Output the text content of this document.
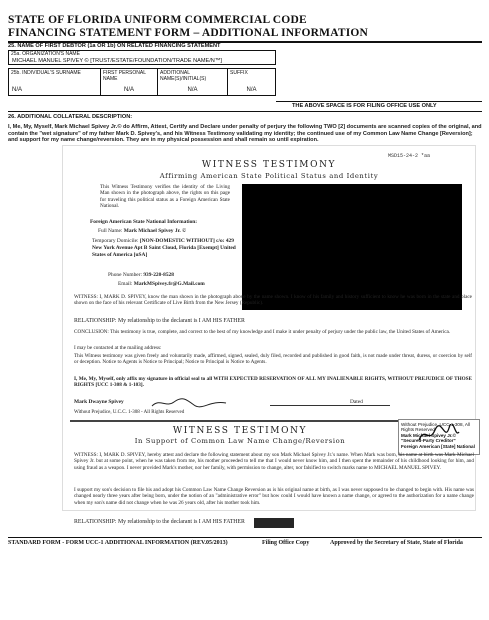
STATE OF FLORIDA UNIFORM COMMERCIAL CODE
FINANCING STATEMENT FORM – ADDITIONAL INFORMATION
25. NAME OF FIRST DEBTOR (1a OR 1b) ON RELATED FINANCING STATEMENT
25a. ORGANIZATION'S NAME
MICHAEL MANUEL SPIVEY © [TRUST/ESTATE/FOUNDATION/TRADE NAME/Ν™]
25b. INDIVIDUAL'S SURNAME
N/A
FIRST PERSONAL NAME
N/A
ADDITIONAL NAME(S)/INITIAL(S)
N/A
SUFFIX
N/A
THE ABOVE SPACE IS FOR FILING OFFICE USE ONLY
26. ADDITIONAL COLLATERAL DESCRIPTION:
I, Me, My, Myself, Mark Michael Spivey Jr.© do Affirm, Attest, Certify and Declare under penalty of perjury the following TWO [2] documents are scanned copies of the original, and contain the "wet signature" of my father Mark D. Spivey's, and his Witness Testimony validating my identity; the continued use of my Common Law Name Change [Reversion]; and support for my name change/reversion. They are in my physical possession and shall remain so until expiration.
MSD15-24-2 *aa
WITNESS TESTIMONY
Affirming American State Political Status and Identity
This Witness Testimony verifies the identity of the Living Man shown in the photograph above, the rights on this page for traveling this political status as a Foreign American State National.
Foreign American State National Information:
Full Name: Mark Michael Spivey Jr. ©
Temporary Domicile: [NON-DOMESTIC WITHOUT] c/o: 429 New York Avenue Apt B Saint Cloud, Florida [Exempt] United States of America [uSA]
Phone Number: 939-220-8528
Email: MarkMSpivey.fr@G.Mail.com
WITNESS: I, MARK D. SPIVEY, know the man shown in the photograph above by the name shown. I know of his family and history sufficient to know he was born in the state and place shown on the face of his relevant Certificate of Live Birth from the New Jersey (Republic).
RELATIONSHIP: My relationship to the declarant is I AM HIS FATHER
CONCLUSION: This testimony is true, complete, and correct to the best of my knowledge and I make it under penalty of perjury under the public law, the United States of America.
I may be contacted at the mailing address:
This Witness testimony was given freely and voluntarily made, affirmed, signed, sealed, duly filed, recorded and published in good faith, is not made under threat, duress, or coercion by self or deception. Notice to Agents is Notice to Principal; Notice to Principal is Notice to Agents.
I, Me, My, Myself, only affix my signature in official seal to all WITH EXPECTED RESERVATION OF ALL MY INALIENABLE RIGHTS, WITHOUT PREJUDICE OF THOSE RIGHTS [UCC 1-308 & 1-103].
Mark Dwayne Spivey	Dated
Without Prejudice, U.C.C. 1-308 - All Rights Reserved
WITNESS TESTIMONY
In Support of Common Law Name Change/Reversion
Without Prejudice, UCC 1-308, All Rights Reserved
Mark Michael Spivey Jr.© "Secured-Party Creditor"
Foreign American [State] National
WITNESS: I, MARK D. SPIVEY, hereby attest and declare the following statement about my son Mark Michael Spivey Jr.'s name. When Mark was born, his name at birth was Mark Michael Spivey Jr. but at some point, when he was taken from me, his mother proceeded to tell me that I would never know him, and I then spent the remainder of his childhood looking for him, and using fraud as a weapon. I never provided Mark's mother, nor her family, with permission to change, alter, nor falsified to switch marks name to MICHAEL MANUEL SPIVEY.
I support my son's decision to file his and adopt his Common Law Name Change Reversion as is his original name at birth, as I was never supposed to be changed to begin with. His name was changed nearly three years after being born, under the notion of an "administrative error" but how could I would have known a name change, or agreed to the authorization for a name change when my son's name did not change when he was 26 years old, after his mother took him.
RELATIONSHIP: My relationship to the declarant is I AM HIS FATHER
STANDARD FORM - FORM UCC-1 ADDITIONAL INFORMATION (REV.05/2013)	Filing Office Copy	Approved by the Secretary of State, State of Florida
